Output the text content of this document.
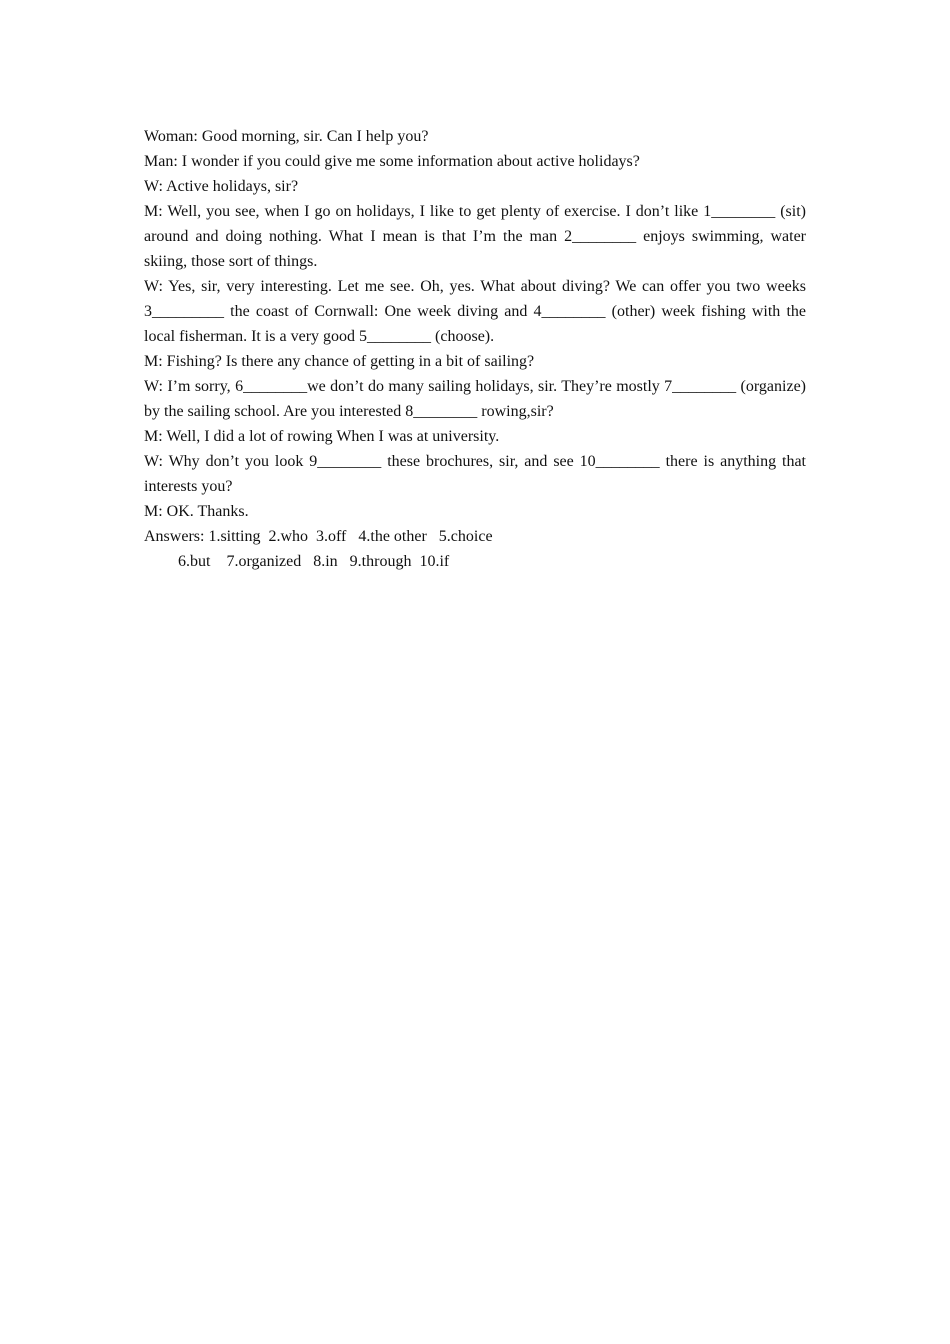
Woman: Good morning, sir. Can I help you?

Man: I wonder if you could give me some information about active holidays?

W: Active holidays, sir?

M: Well, you see, when I go on holidays, I like to get plenty of exercise. I don’t like 1________ (sit) around and doing nothing. What I mean is that I’m the man 2________ enjoys swimming, water skiing, those sort of things.

W: Yes, sir, very interesting. Let me see. Oh, yes. What about diving? We can offer you two weeks 3_________ the coast of Cornwall: One week diving and 4________ (other) week fishing with the local fisherman. It is a very good 5________ (choose).

M: Fishing? Is there any chance of getting in a bit of sailing?

W: I’m sorry, 6________we don’t do many sailing holidays, sir. They’re mostly 7________ (organize) by the sailing school. Are you interested 8________ rowing,sir?

M: Well, I did a lot of rowing When I was at university.

W: Why don’t you look 9________ these brochures, sir, and see 10________ there is anything that interests you?

M: OK. Thanks.

Answers: 1.sitting  2.who  3.off   4.the other   5.choice

6.but    7.organized   8.in   9.through  10.if
